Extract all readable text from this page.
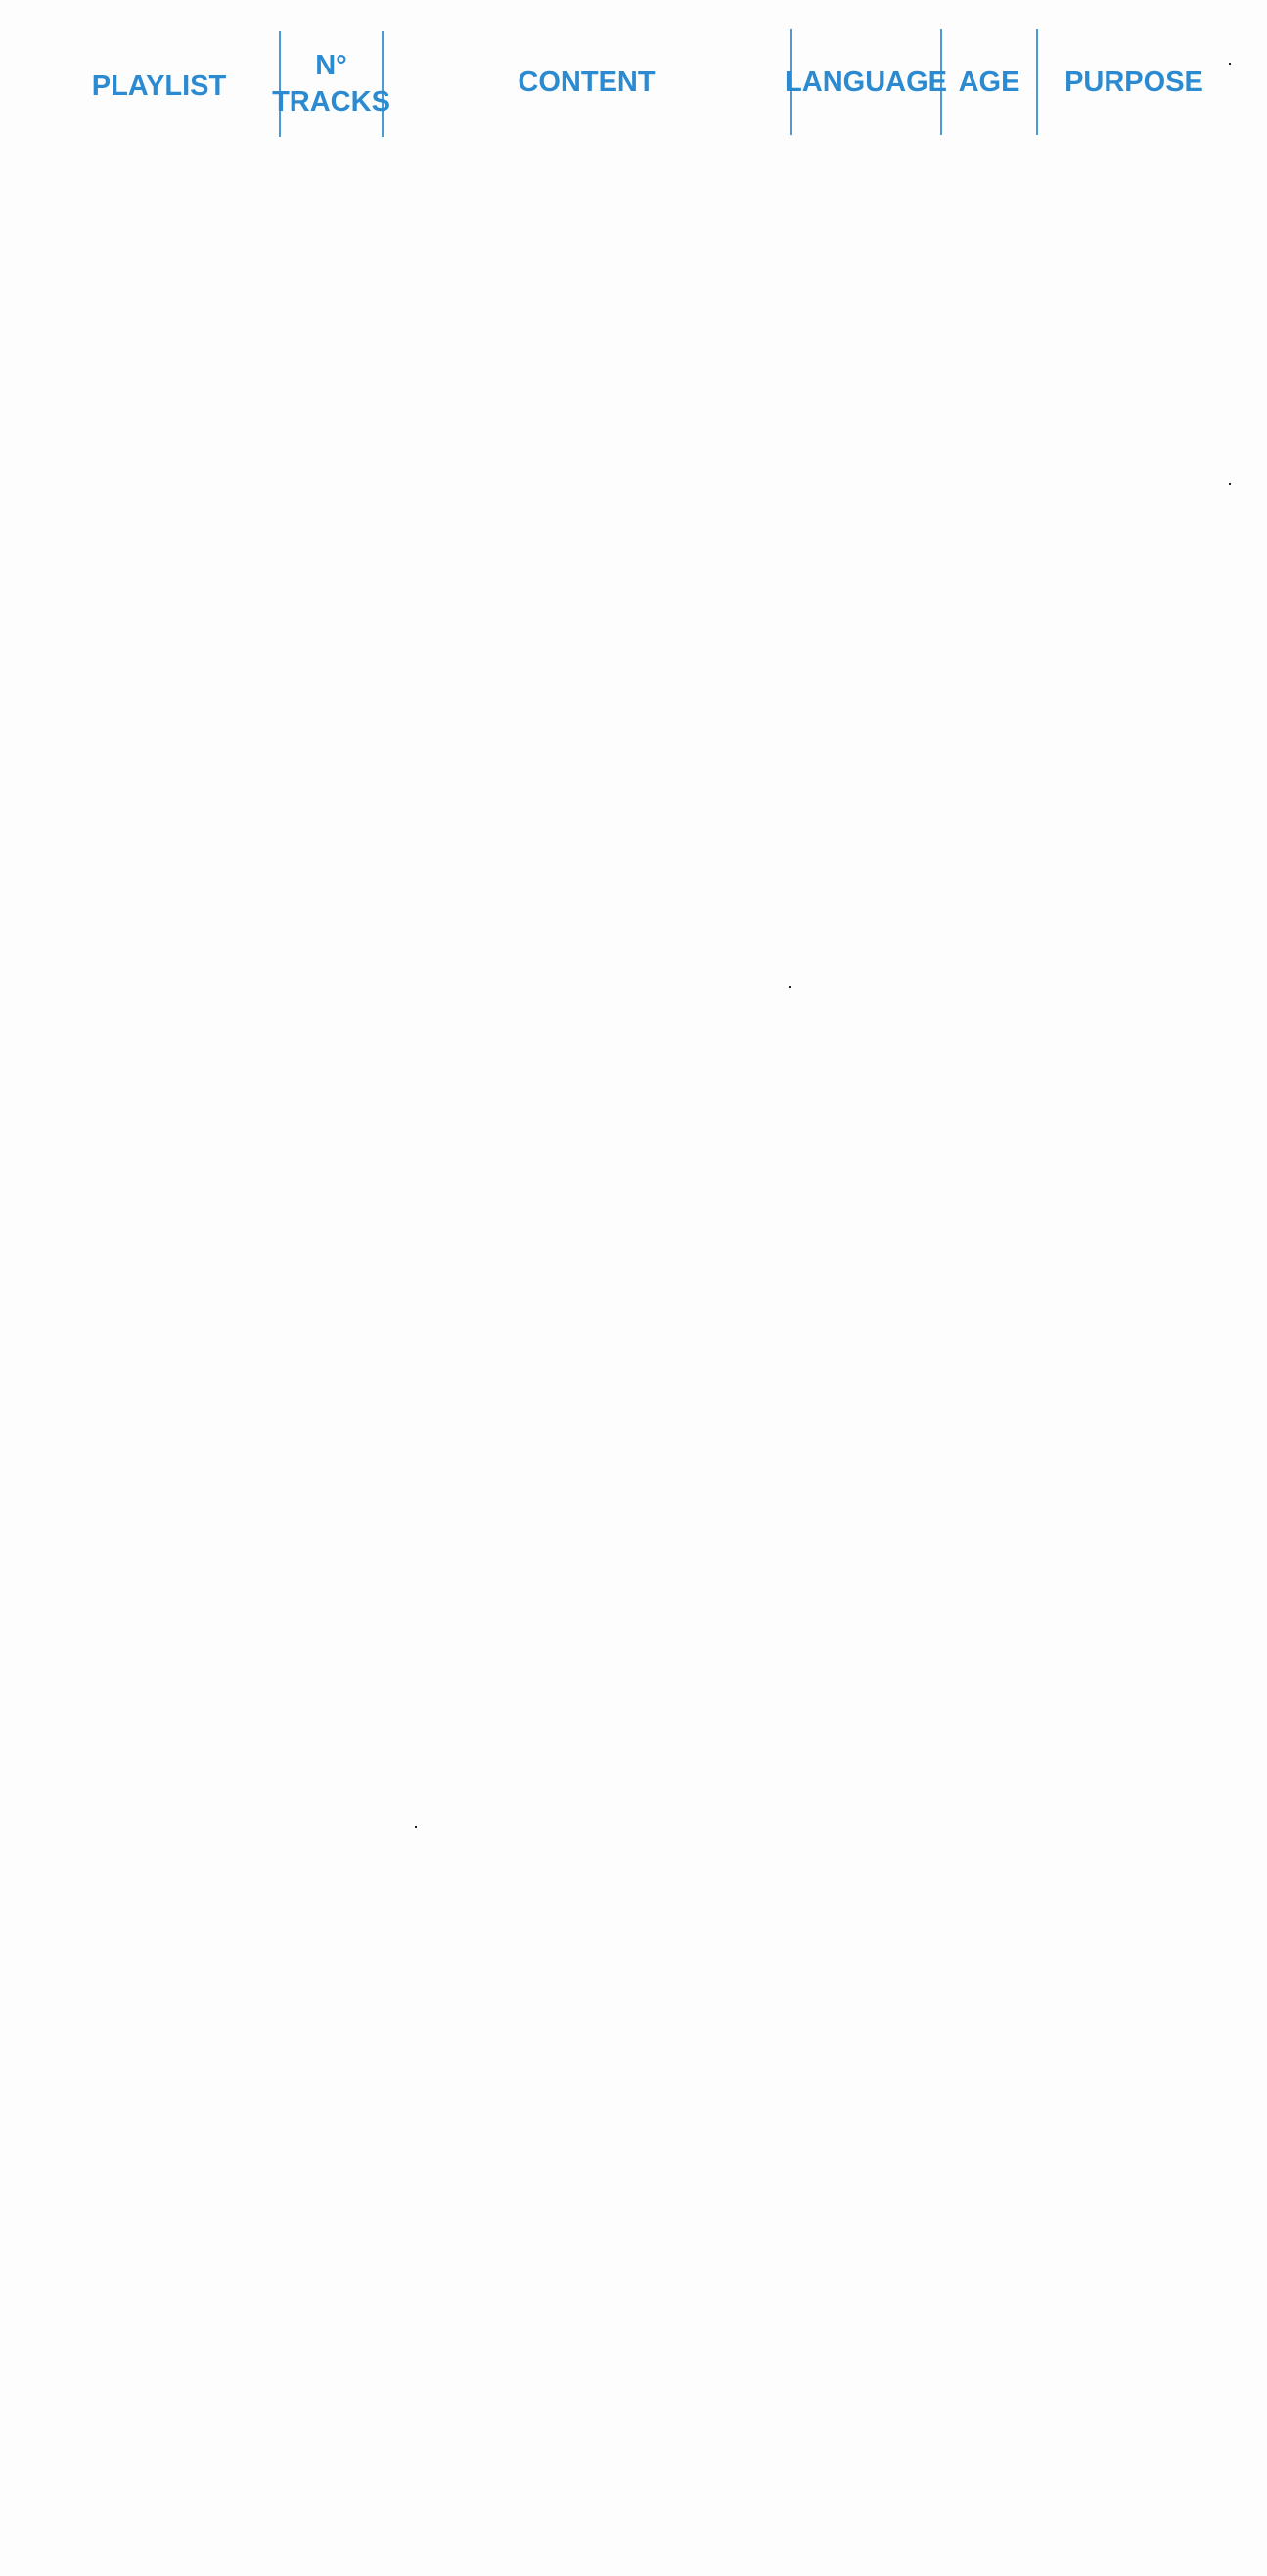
PLAYLIST
N°
TRACKS
CONTENT	LANGUAGE AGE PURPOSE
